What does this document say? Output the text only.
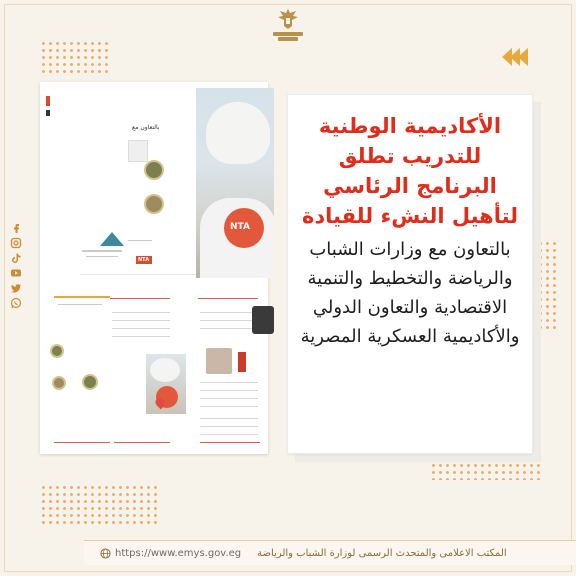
بالتعاون مع
NTA
NTA
الأكاديمية الوطنية للتدريب تطلق البرنامج الرئاسي لتأهيل النشء للقيادة
بالتعاون مع وزارات الشباب والرياضة والتخطيط والتنمية الاقتصادية والتعاون الدولي والأكاديمية العسكرية المصرية
https://www.emys.gov.eg المكتب الاعلامى والمتحدث الرسمى لوزارة الشباب والرياضة
